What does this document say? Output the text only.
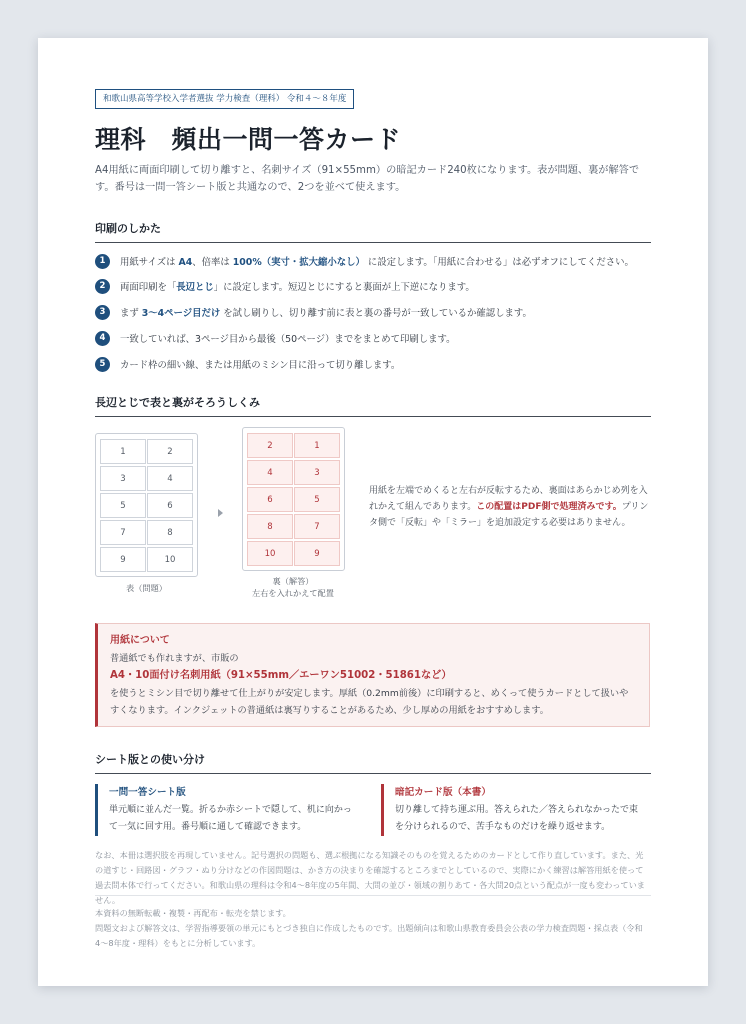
和歌山県高等学校入学者選抜 学力検査（理科） 令和４～８年度
理科　頻出一問一答カード
A4用紙に両面印刷して切り離すと、名刺サイズ（91×55mm）の暗記カード240枚になります。表が問題、裏が解答です。番号は一問一答シート版と共通なので、2つを並べて使えます。
印刷のしかた
1	用紙サイズは A4、倍率は 100%（実寸・拡大縮小なし） に設定します。「用紙に合わせる」は必ずオフにしてください。
2	両面印刷を「長辺とじ」に設定します。短辺とじにすると裏面が上下逆になります。
3	まず 3〜4ページ目だけ を試し刷りし、切り離す前に表と裏の番号が一致しているか確認します。
4	一致していれば、3ページ目から最後（50ページ）までをまとめて印刷します。
5	カード枠の細い線、または用紙のミシン目に沿って切り離します。
長辺とじで表と裏がそろうしくみ
1	2
3	4
5	6
7	8
9	10
表（問題）
2	1
4	3
6	5
8	7
10	9
裏（解答）
左右を入れかえて配置
用紙を左端でめくると左右が反転するため、裏面はあらかじめ列を入れかえて組んであります。この配置はPDF側で処理済みです。プリンタ側で「反転」や「ミラー」を追加設定する必要はありません。
用紙について
普通紙でも作れますが、市販の
A4・10面付け名刺用紙（91×55mm／エーワン51002・51861など）
を使うとミシン目で切り離せて仕上がりが安定します。厚紙（0.2mm前後）に印刷すると、めくって使うカードとして扱いやすくなります。インクジェットの普通紙は裏写りすることがあるため、少し厚めの用紙をおすすめします。
シート版との使い分け
一問一答シート版
単元順に並んだ一覧。折るか赤シートで隠して、机に向かって一気に回す用。番号順に通して確認できます。
暗記カード版（本書）
切り離して持ち運ぶ用。答えられた／答えられなかったで束を分けられるので、苦手なものだけを繰り返せます。
なお、本冊は選択肢を再現していません。記号選択の問題も、選ぶ根拠になる知識そのものを覚えるためのカードとして作り直しています。また、光の道すじ・回路図・グラフ・ぬり分けなどの作図問題は、かき方の決まりを確認するところまでとしているので、実際にかく練習は解答用紙を使って過去問本体で行ってください。和歌山県の理科は令和4〜8年度の5年間、大問の並び・領域の割りあて・各大問20点という配点が一度も変わっていません。
本資料の無断転載・複製・再配布・転売を禁じます。
問題文および解答文は、学習指導要領の単元にもとづき独自に作成したものです。出題傾向は和歌山県教育委員会公表の学力検査問題・採点表（令和4〜8年度・理科）をもとに分析しています。
